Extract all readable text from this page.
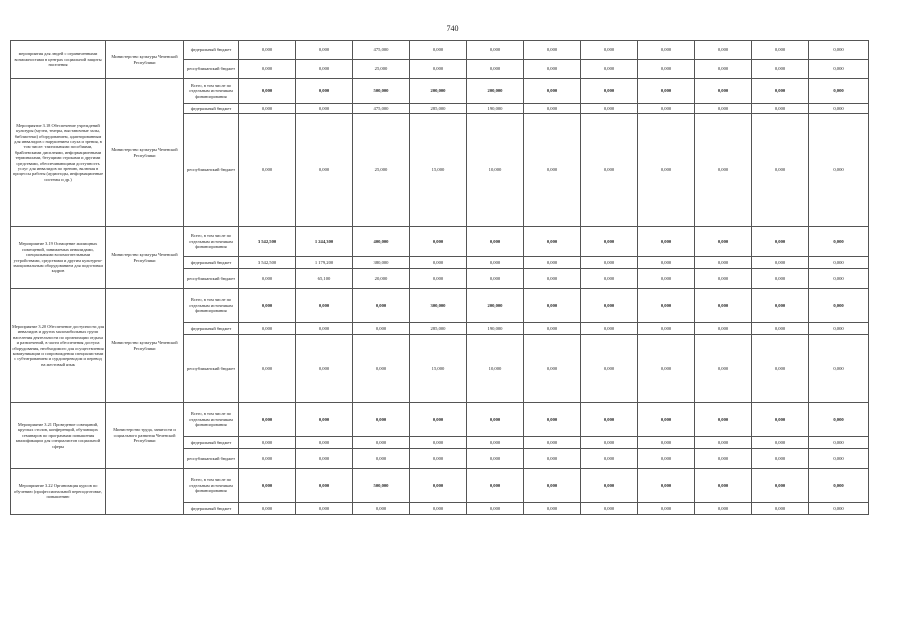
740
мероприятия для людей с ограниченными возможностями в центрах социальной защиты населения	Министерство культуры Чеченской Республики	федеральный бюджет	0,000	0,000	475,000	0,000	0,000	0,000	0,000	0,000	0,000	0,000	0,000
		республиканский бюджет	0,000	0,000	25,000	0,000	0,000	0,000	0,000	0,000	0,000	0,000	0,000
Мероприятие 3.18 Обеспечение учреждений культуры (музеи, театры, выставочные залы, библиотеки) оборудованием, адаптированным для инвалидов с нарушением слуха и зрения, в том числе: тактильными пособиями, брайлевскими дисплеями, информационными терминалами, бегущими строками и другими средствами, обеспечивающими доступность услуг для инвалидов по зрению, включая в процессы работы (аудиогиды, информационные системы и др.)	Министерство культуры Чеченской Республики	Всего, в том числе по отдельным источникам финансирования	0,000	0,000	500,000	200,000	200,000	0,000	0,000	0,000	0,000	0,000	0,000
		федеральный бюджет	0,000	0,000	475,000	285,000	190,000	0,000	0,000	0,000	0,000	0,000	0,000
		республиканский бюджет	0,000	0,000	25,000	15,000	10,000	0,000	0,000	0,000	0,000	0,000	0,000
Мероприятие 3.19 Оснащение жилищных помещений, занимаемых инвалидами, специальными вспомогательными устройствами, средствами и другим культурно-эмоциональным оборудованием для подготовки кадров	Министерство культуры Чеченской Республики	Всего, в том числе по отдельным источникам финансирования	3 542,500	1 244,300	400,000	0,000	0,000	0,000	0,000	0,000	0,000	0,000	0,000
		федеральный бюджет	3 542,500	1 179,200	380,000	0,000	0,000	0,000	0,000	0,000	0,000	0,000	0,000
		республиканский бюджет	0,000	65,100	20,000	0,000	0,000	0,000	0,000	0,000	0,000	0,000	0,000
Мероприятие 3.20 Обеспечение доступности для инвалидов и других маломобильных групп населения деятельности по организации отдыха и развлечений, в части обеспечения доступа оборудования, необходимого для осуществления коммуникации и сопровождения специалистами с субтитрованием и сурдопереводом и перевод на жестовый язык	Министерство культуры Чеченской Республики	Всего, в том числе по отдельным источникам финансирования	0,000	0,000	0,000	300,000	200,000	0,000	0,000	0,000	0,000	0,000	0,000
		федеральный бюджет	0,000	0,000	0,000	285,000	190,000	0,000	0,000	0,000	0,000	0,000	0,000
		республиканский бюджет	0,000	0,000	0,000	15,000	10,000	0,000	0,000	0,000	0,000	0,000	0,000
Мероприятие 3.21 Проведение совещаний, круглых столов, конференций, обучающих семинаров по программам повышения квалификации для специалистов социальной сферы	Министерство труда, занятости и социального развития Чеченской Республики	Всего, в том числе по отдельным источникам финансирования	0,000	0,000	0,000	0,000	0,000	0,000	0,000	0,000	0,000	0,000	0,000
		федеральный бюджет	0,000	0,000	0,000	0,000	0,000	0,000	0,000	0,000	0,000	0,000	0,000
		республиканский бюджет	0,000	0,000	0,000	0,000	0,000	0,000	0,000	0,000	0,000	0,000	0,000
Мероприятие 3.22 Организация курсов по обучению (профессиональной переподготовке, повышению		Всего, в том числе по отдельным источникам финансирования	0,000	0,000	500,000	0,000	0,000	0,000	0,000	0,000	0,000	0,000	0,000
		федеральный бюджет	0,000	0,000	0,000	0,000	0,000	0,000	0,000	0,000	0,000	0,000	0,000
